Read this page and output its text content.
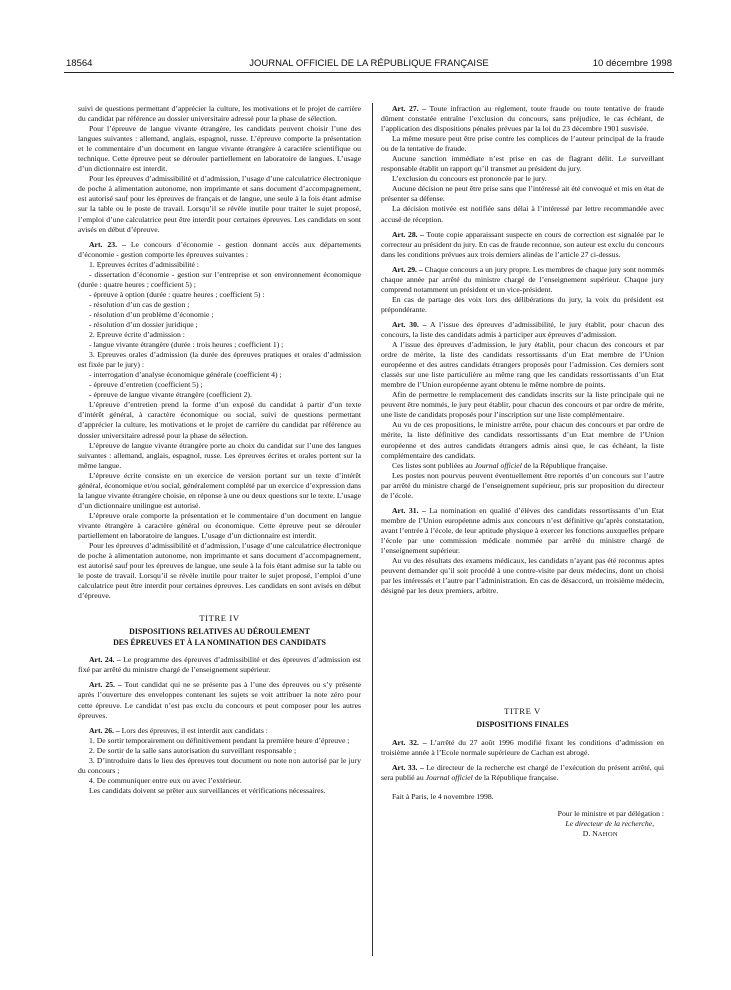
18564	JOURNAL OFFICIEL DE LA RÉPUBLIQUE FRANÇAISE	10 décembre 1998

suivi de questions permettant d’apprécier la culture, les motivations et le projet de carrière du candidat par référence au dossier universitaire adressé pour la phase de sélection.

Pour l’épreuve de langue vivante étrangère, les candidats peuvent choisir l’une des langues suivantes : allemand, anglais, espagnol, russe. L’épreuve comporte la présentation et le commentaire d’un document en langue vivante étrangère à caractère scientifique ou technique. Cette épreuve peut se dérouler partiellement en laboratoire de langues. L’usage d’un dictionnaire est interdit.

Pour les épreuves d’admissibilité et d’admission, l’usage d’une calculatrice électronique de poche à alimentation autonome, non imprimante et sans document d’accompagnement, est autorisé sauf pour les épreuves de français et de langue, une seule à la fois étant admise sur la table ou le poste de travail. Lorsqu’il se révèle inutile pour traiter le sujet proposé, l’emploi d’une calculatrice peut être interdit pour certaines épreuves. Les candidats en sont avisés en début d’épreuve.

Art. 23. – Le concours d’économie - gestion donnant accès aux départements d’économie - gestion comporte les épreuves suivantes :

1. Epreuves écrites d’admissibilité :

- dissertation d’économie - gestion sur l’entreprise et son environnement économique (durée : quatre heures ; coefficient 5) ;

- épreuve à option (durée : quatre heures ; coefficient 5) :

- résolution d’un cas de gestion ;

- résolution d’un problème d’économie ;

- résolution d’un dossier juridique ;

2. Epreuve écrite d’admission :

- langue vivante étrangère (durée : trois heures ; coefficient 1) ;

3. Epreuves orales d’admission (la durée des épreuves pratiques et orales d’admission est fixée par le jury) :

- interrogation d’analyse économique générale (coefficient 4) ;

- épreuve d’entretien (coefficient 5) ;

- épreuve de langue vivante étrangère (coefficient 2).

L’épreuve d’entretien prend la forme d’un exposé du candidat à partir d’un texte d’intérêt général, à caractère économique ou social, suivi de questions permettant d’apprécier la culture, les motivations et le projet de carrière du candidat par référence au dossier universitaire adressé pour la phase de sélection.

L’épreuve de langue vivante étrangère porte au choix du candidat sur l’une des langues suivantes : allemand, anglais, espagnol, russe. Les épreuves écrites et orales portent sur la même langue.

L’épreuve écrite consiste en un exercice de version portant sur un texte d’intérêt général, économique et/ou social, généralement complété par un exercice d’expression dans la langue vivante étrangère choisie, en réponse à une ou deux questions sur le texte. L’usage d’un dictionnaire unilingue est autorisé.

L’épreuve orale comporte la présentation et le commentaire d’un document en langue vivante étrangère à caractère général ou économique. Cette épreuve peut se dérouler partiellement en laboratoire de langues. L’usage d’un dictionnaire est interdit.

Pour les épreuves d’admissibilité et d’admission, l’usage d’une calculatrice électronique de poche à alimentation autonome, non imprimante et sans document d’accompagnement, est autorisé sauf pour les épreuves de langue, une seule à la fois étant admise sur la table ou le poste de travail. Lorsqu’il se révèle inutile pour traiter le sujet proposé, l’emploi d’une calculatrice peut être interdit pour certaines épreuves. Les candidats en sont avisés en début d’épreuve.

TITRE IV

DISPOSITIONS RELATIVES AU DÉROULEMENT
DES ÉPREUVES ET À LA NOMINATION DES CANDIDATS

Art. 24. – Le programme des épreuves d’admissibilité et des épreuves d’admission est fixé par arrêté du ministre chargé de l’enseignement supérieur.

Art. 25. – Tout candidat qui ne se présente pas à l’une des épreuves ou s’y présente après l’ouverture des enveloppes contenant les sujets se voit attribuer la note zéro pour cette épreuve. Le candidat n’est pas exclu du concours et peut composer pour les autres épreuves.

Art. 26. – Lors des épreuves, il est interdit aux candidats :

1. De sortir temporairement ou définitivement pendant la première heure d’épreuve ;

2. De sortir de la salle sans autorisation du surveillant responsable ;

3. D’introduire dans le lieu des épreuves tout document ou note non autorisé par le jury du concours ;

4. De communiquer entre eux ou avec l’extérieur.

Les candidats doivent se prêter aux surveillances et vérifications nécessaires.

Art. 27. – Toute infraction au règlement, toute fraude ou toute tentative de fraude dûment constatée entraîne l’exclusion du concours, sans préjudice, le cas échéant, de l’application des dispositions pénales prévues par la loi du 23 décembre 1901 susvisée.

La même mesure peut être prise contre les complices de l’auteur principal de la fraude ou de la tentative de fraude.

Aucune sanction immédiate n’est prise en cas de flagrant délit. Le surveillant responsable établit un rapport qu’il transmet au président du jury.

L’exclusion du concours est prononcée par le jury.

Aucune décision ne peut être prise sans que l’intéressé ait été convoqué et mis en état de présenter sa défense.

La décision motivée est notifiée sans délai à l’intéressé par lettre recommandée avec accusé de réception.

Art. 28. – Toute copie apparaissant suspecte en cours de correction est signalée par le correcteur au président du jury. En cas de fraude reconnue, son auteur est exclu du concours dans les conditions prévues aux trois derniers alinéas de l’article 27 ci-dessus.

Art. 29. – Chaque concours a un jury propre. Les membres de chaque jury sont nommés chaque année par arrêté du ministre chargé de l’enseignement supérieur. Chaque jury comprend notamment un président et un vice-président.

En cas de partage des voix lors des délibérations du jury, la voix du président est prépondérante.

Art. 30. – A l’issue des épreuves d’admissibilité, le jury établit, pour chacun des concours, la liste des candidats admis à participer aux épreuves d’admission.

A l’issue des épreuves d’admission, le jury établit, pour chacun des concours et par ordre de mérite, la liste des candidats ressortissants d’un Etat membre de l’Union européenne et des autres candidats étrangers proposés pour l’admission. Ces derniers sont classés sur une liste particulière au même rang que les candidats ressortissants d’un Etat membre de l’Union européenne ayant obtenu le même nombre de points.

Afin de permettre le remplacement des candidats inscrits sur la liste principale qui ne peuvent être nommés, le jury peut établir, pour chacun des concours et par ordre de mérite, une liste de candidats proposés pour l’inscription sur une liste complémentaire.

Au vu de ces propositions, le ministre arrête, pour chacun des concours et par ordre de mérite, la liste définitive des candidats ressortissants d’un Etat membre de l’Union européenne et des autres candidats étrangers admis ainsi que, le cas échéant, la liste complémentaire des candidats.

Ces listes sont publiées au Journal officiel de la République française.

Les postes non pourvus peuvent éventuellement être reportés d’un concours sur l’autre par arrêté du ministre chargé de l’enseignement supérieur, pris sur proposition du directeur de l’école.

Art. 31. – La nomination en qualité d’élèves des candidats ressortissants d’un Etat membre de l’Union européenne admis aux concours n’est définitive qu’après constatation, avant l’entrée à l’école, de leur aptitude physique à exercer les fonctions auxquelles prépare l’école par une commission médicale nommée par arrêté du ministre chargé de l’enseignement supérieur.

Au vu des résultats des examens médicaux, les candidats n’ayant pas été reconnus aptes peuvent demander qu’il soit procédé à une contre-visite par deux médecins, dont un choisi par les intéressés et l’autre par l’administration. En cas de désaccord, un troisième médecin, désigné par les deux premiers, arbitre.

TITRE V

DISPOSITIONS FINALES

Art. 32. – L’arrêté du 27 août 1996 modifié fixant les conditions d’admission en troisième année à l’Ecole normale supérieure de Cachan est abrogé.

Art. 33. – Le directeur de la recherche est chargé de l’exécution du présent arrêté, qui sera publié au Journal officiel de la République française.

Fait à Paris, le 4 novembre 1998.

Pour le ministre et par délégation :

Le directeur de la recherche,

D. NAHON
